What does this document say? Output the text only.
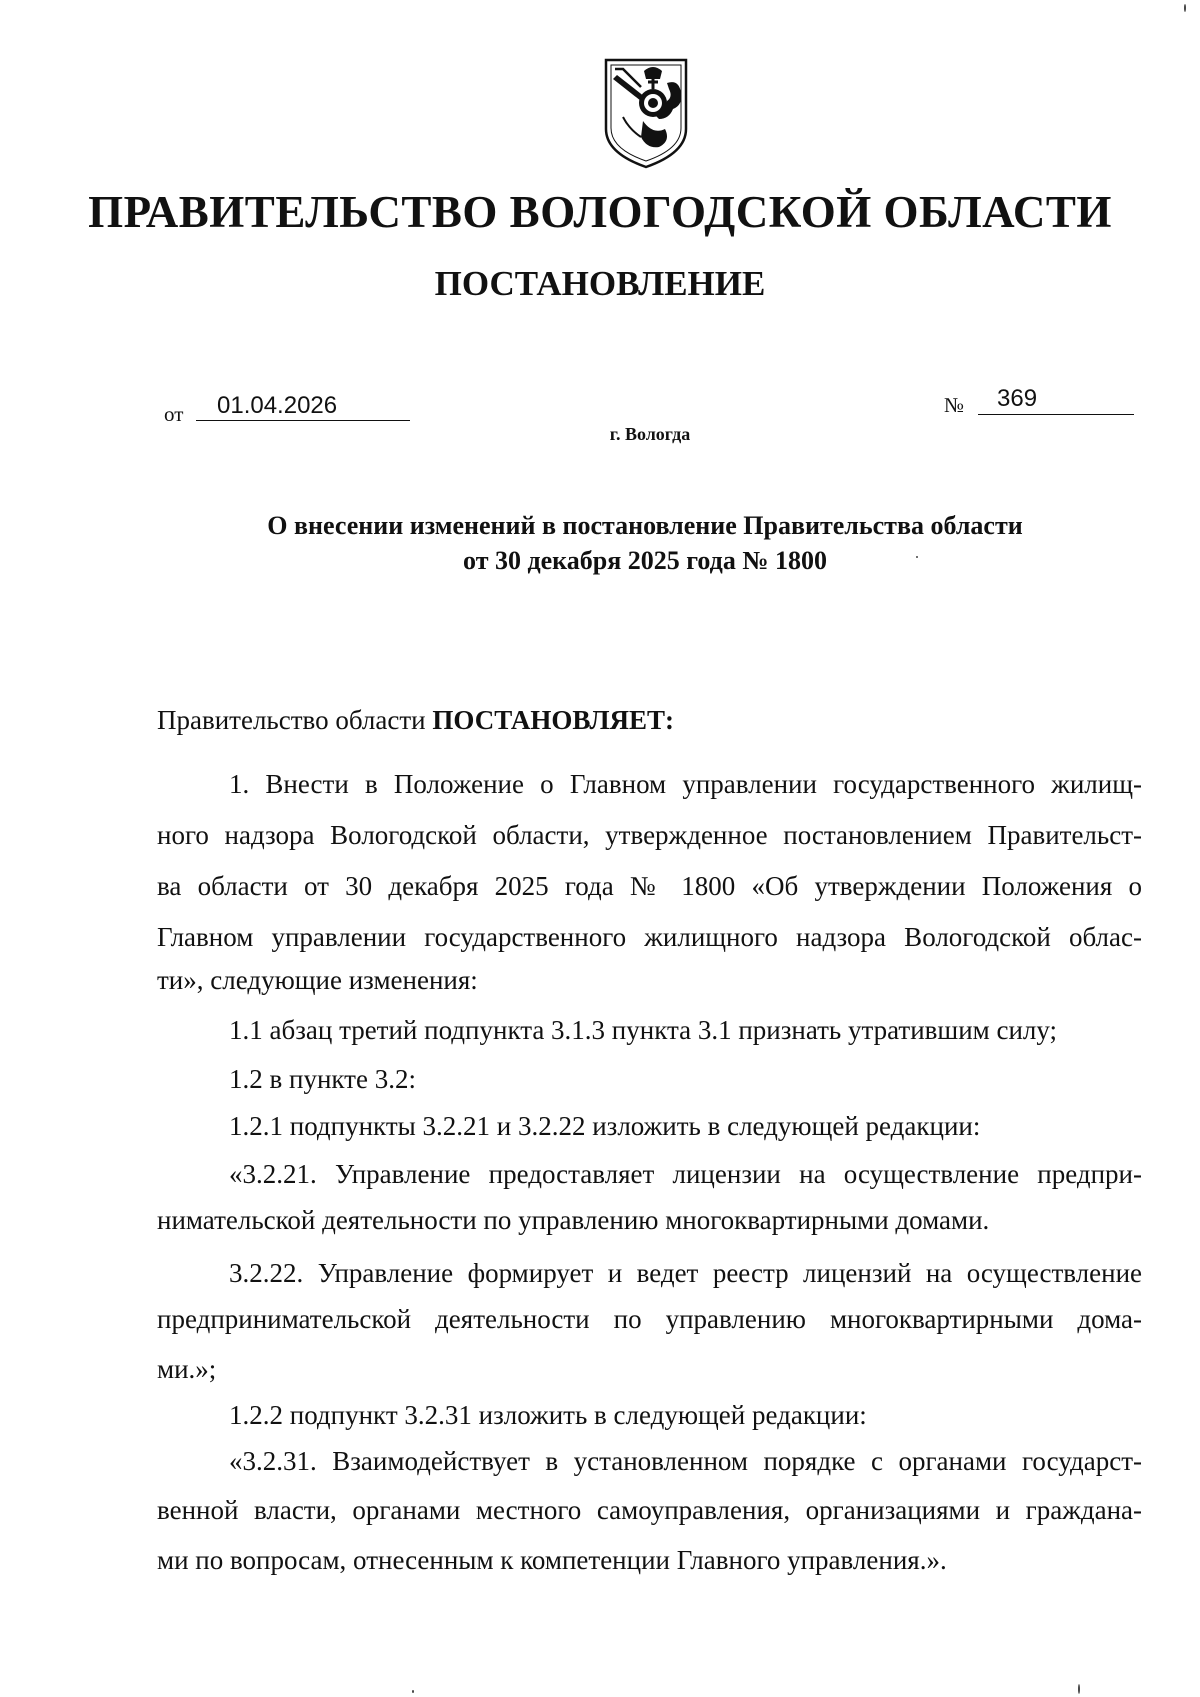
ПРАВИТЕЛЬСТВО ВОЛОГОДСКОЙ ОБЛАСТИ
ПОСТАНОВЛЕНИЕ
от 01.04.2026	№ 369
г. Вологда
О внесении изменений в постановление Правительства области
от 30 декабря 2025 года № 1800
Правительство области ПОСТАНОВЛЯЕТ:
1. Внести в Положение о Главном управлении государственного жилищ-
ного надзора Вологодской области, утвержденное постановлением Правительст-
ва области от 30 декабря 2025 года № 1800 «Об утверждении Положения о
Главном управлении государственного жилищного надзора Вологодской облас-
ти», следующие изменения:
1.1 абзац третий подпункта 3.1.3 пункта 3.1 признать утратившим силу;
1.2 в пункте 3.2:
1.2.1 подпункты 3.2.21 и 3.2.22 изложить в следующей редакции:
«3.2.21. Управление предоставляет лицензии на осуществление предпри-
нимательской деятельности по управлению многоквартирными домами.
3.2.22. Управление формирует и ведет реестр лицензий на осуществление
предпринимательской деятельности по управлению многоквартирными дома-
ми.»;
1.2.2 подпункт 3.2.31 изложить в следующей редакции:
«3.2.31. Взаимодействует в установленном порядке с органами государст-
венной власти, органами местного самоуправления, организациями и граждана-
ми по вопросам, отнесенным к компетенции Главного управления.».
